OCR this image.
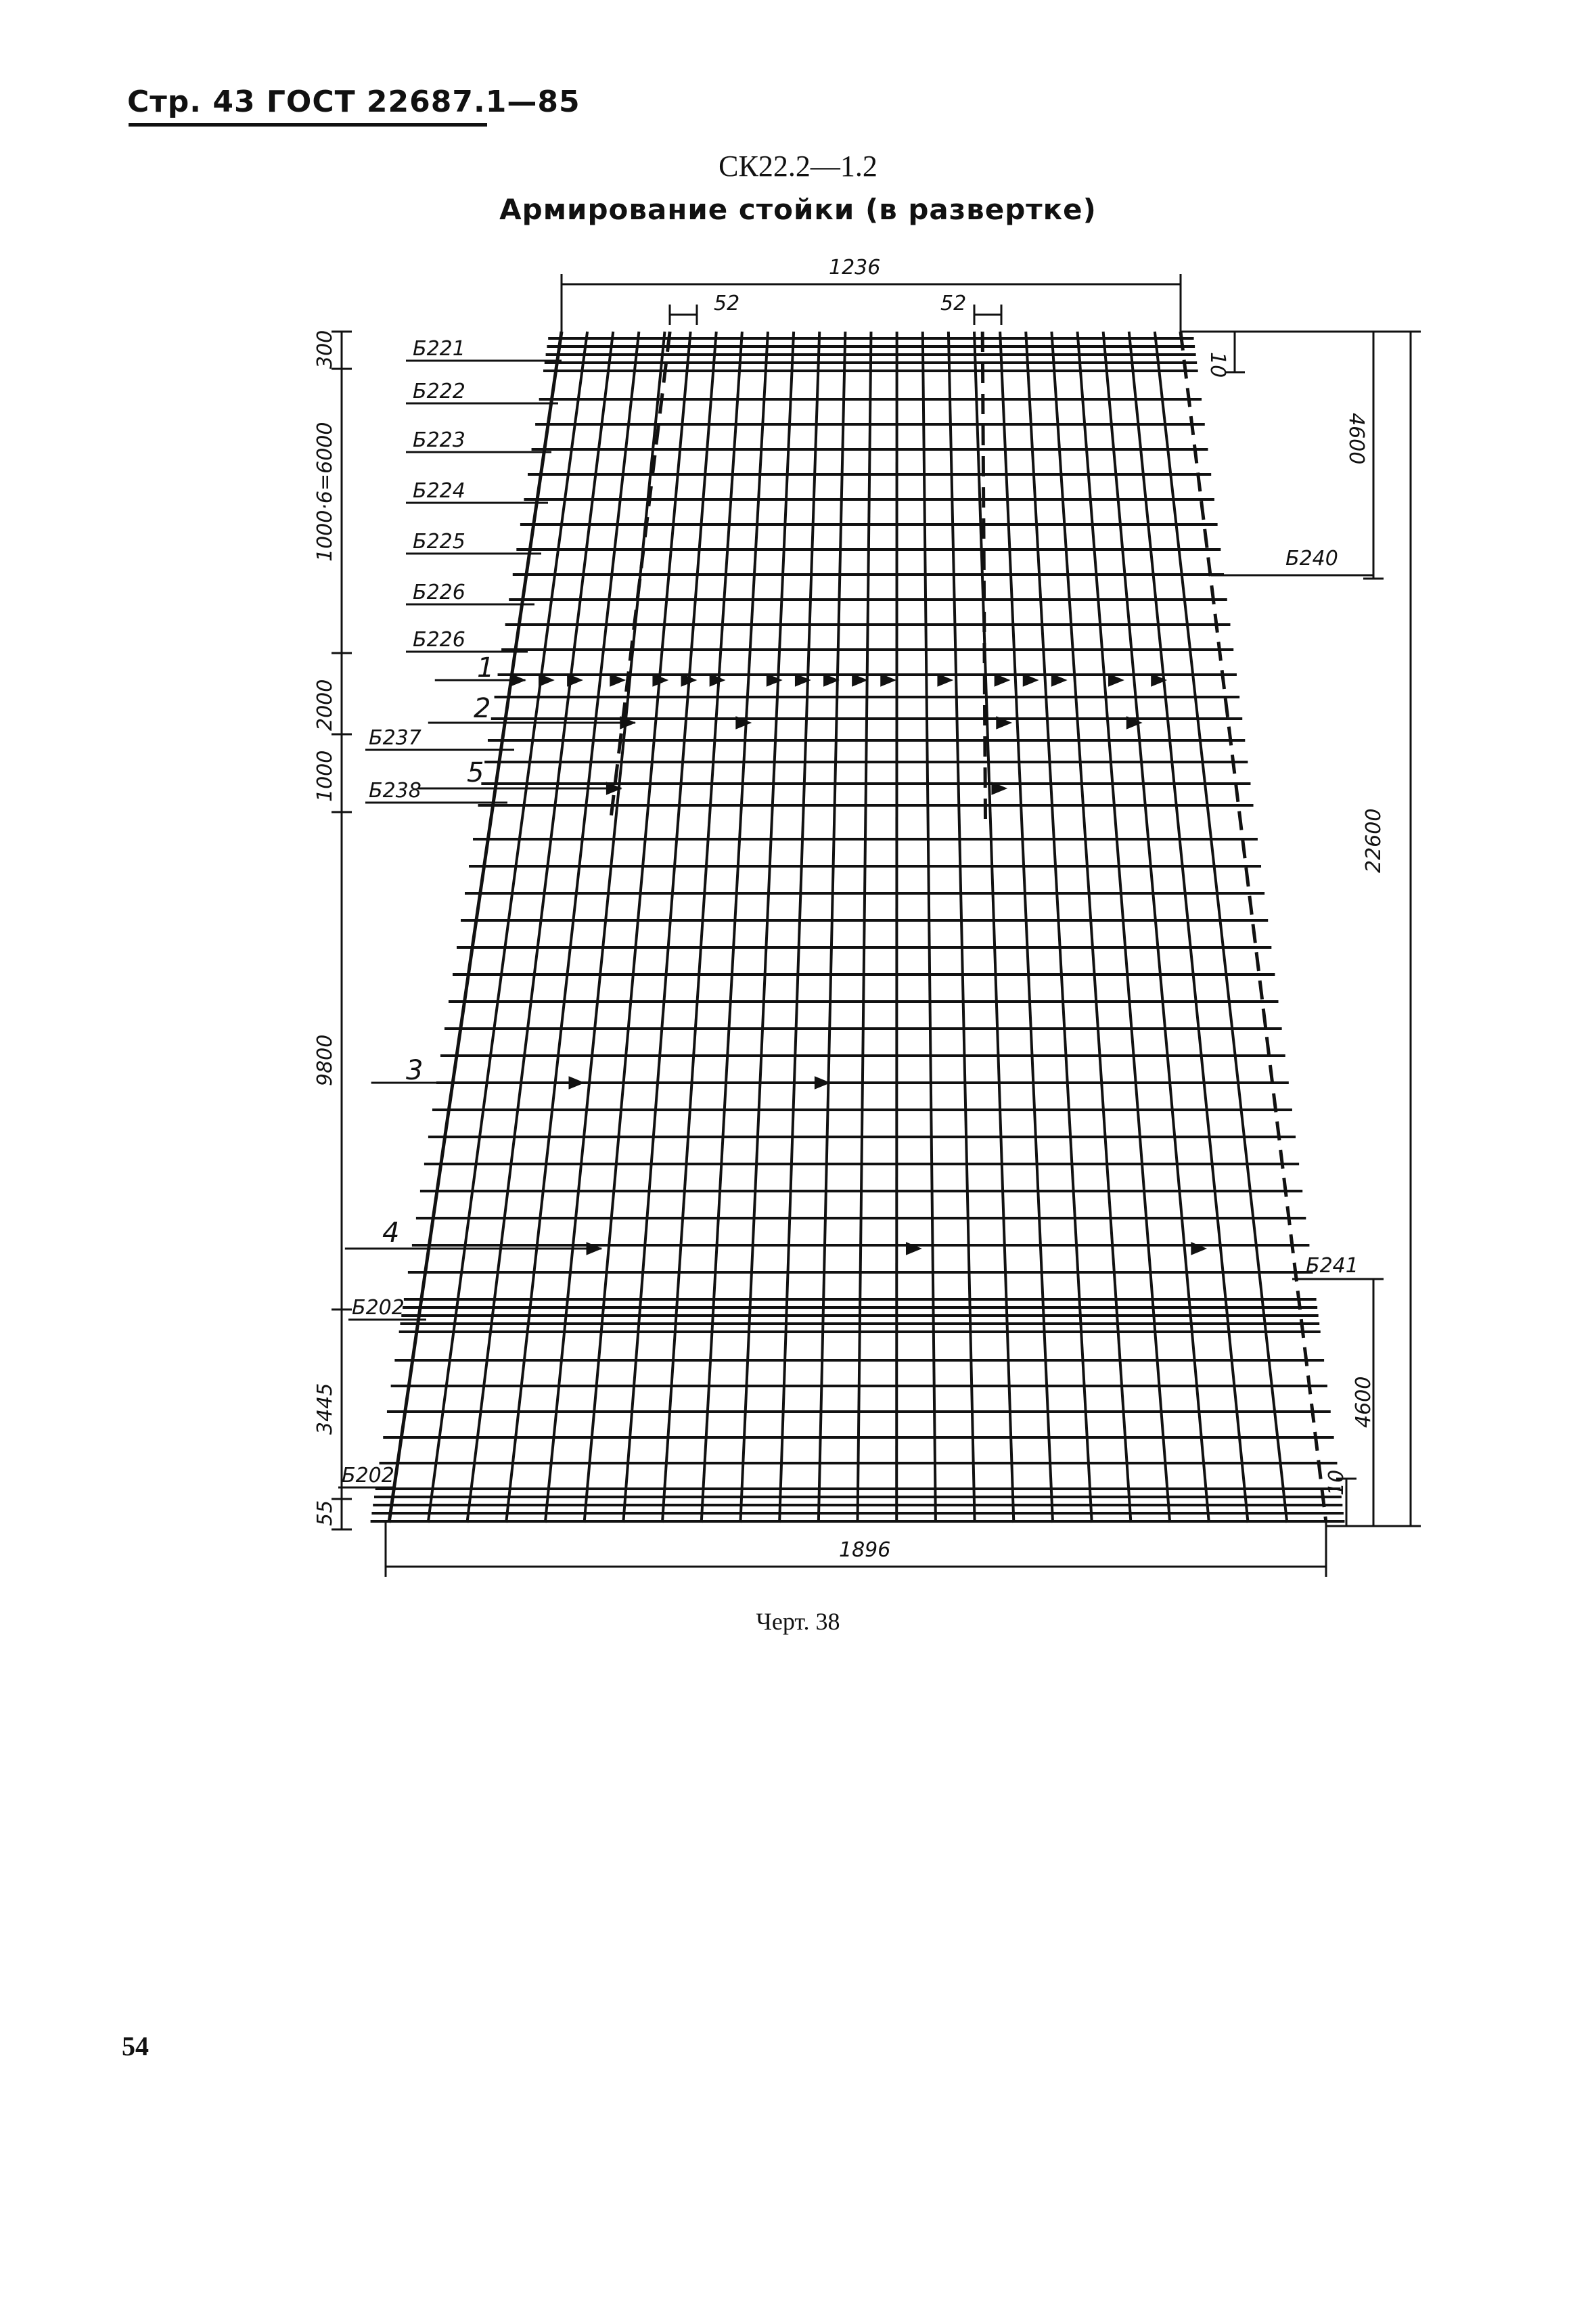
Стр. 43 ГОСТ 22687.1—85
СК22.2—1.2
Армирование стойки (в развертке)
1236
52	52
1896
300
1000·6=6000
2000
1000
9800
3445
55
10
4600
22600
4600
10
Б221
Б222
Б223
Б224
Б225
Б226
Б226
Б237
Б238
Б202
Б202
Б240
Б241
1
2
5
3
4
Черт. 38
54
